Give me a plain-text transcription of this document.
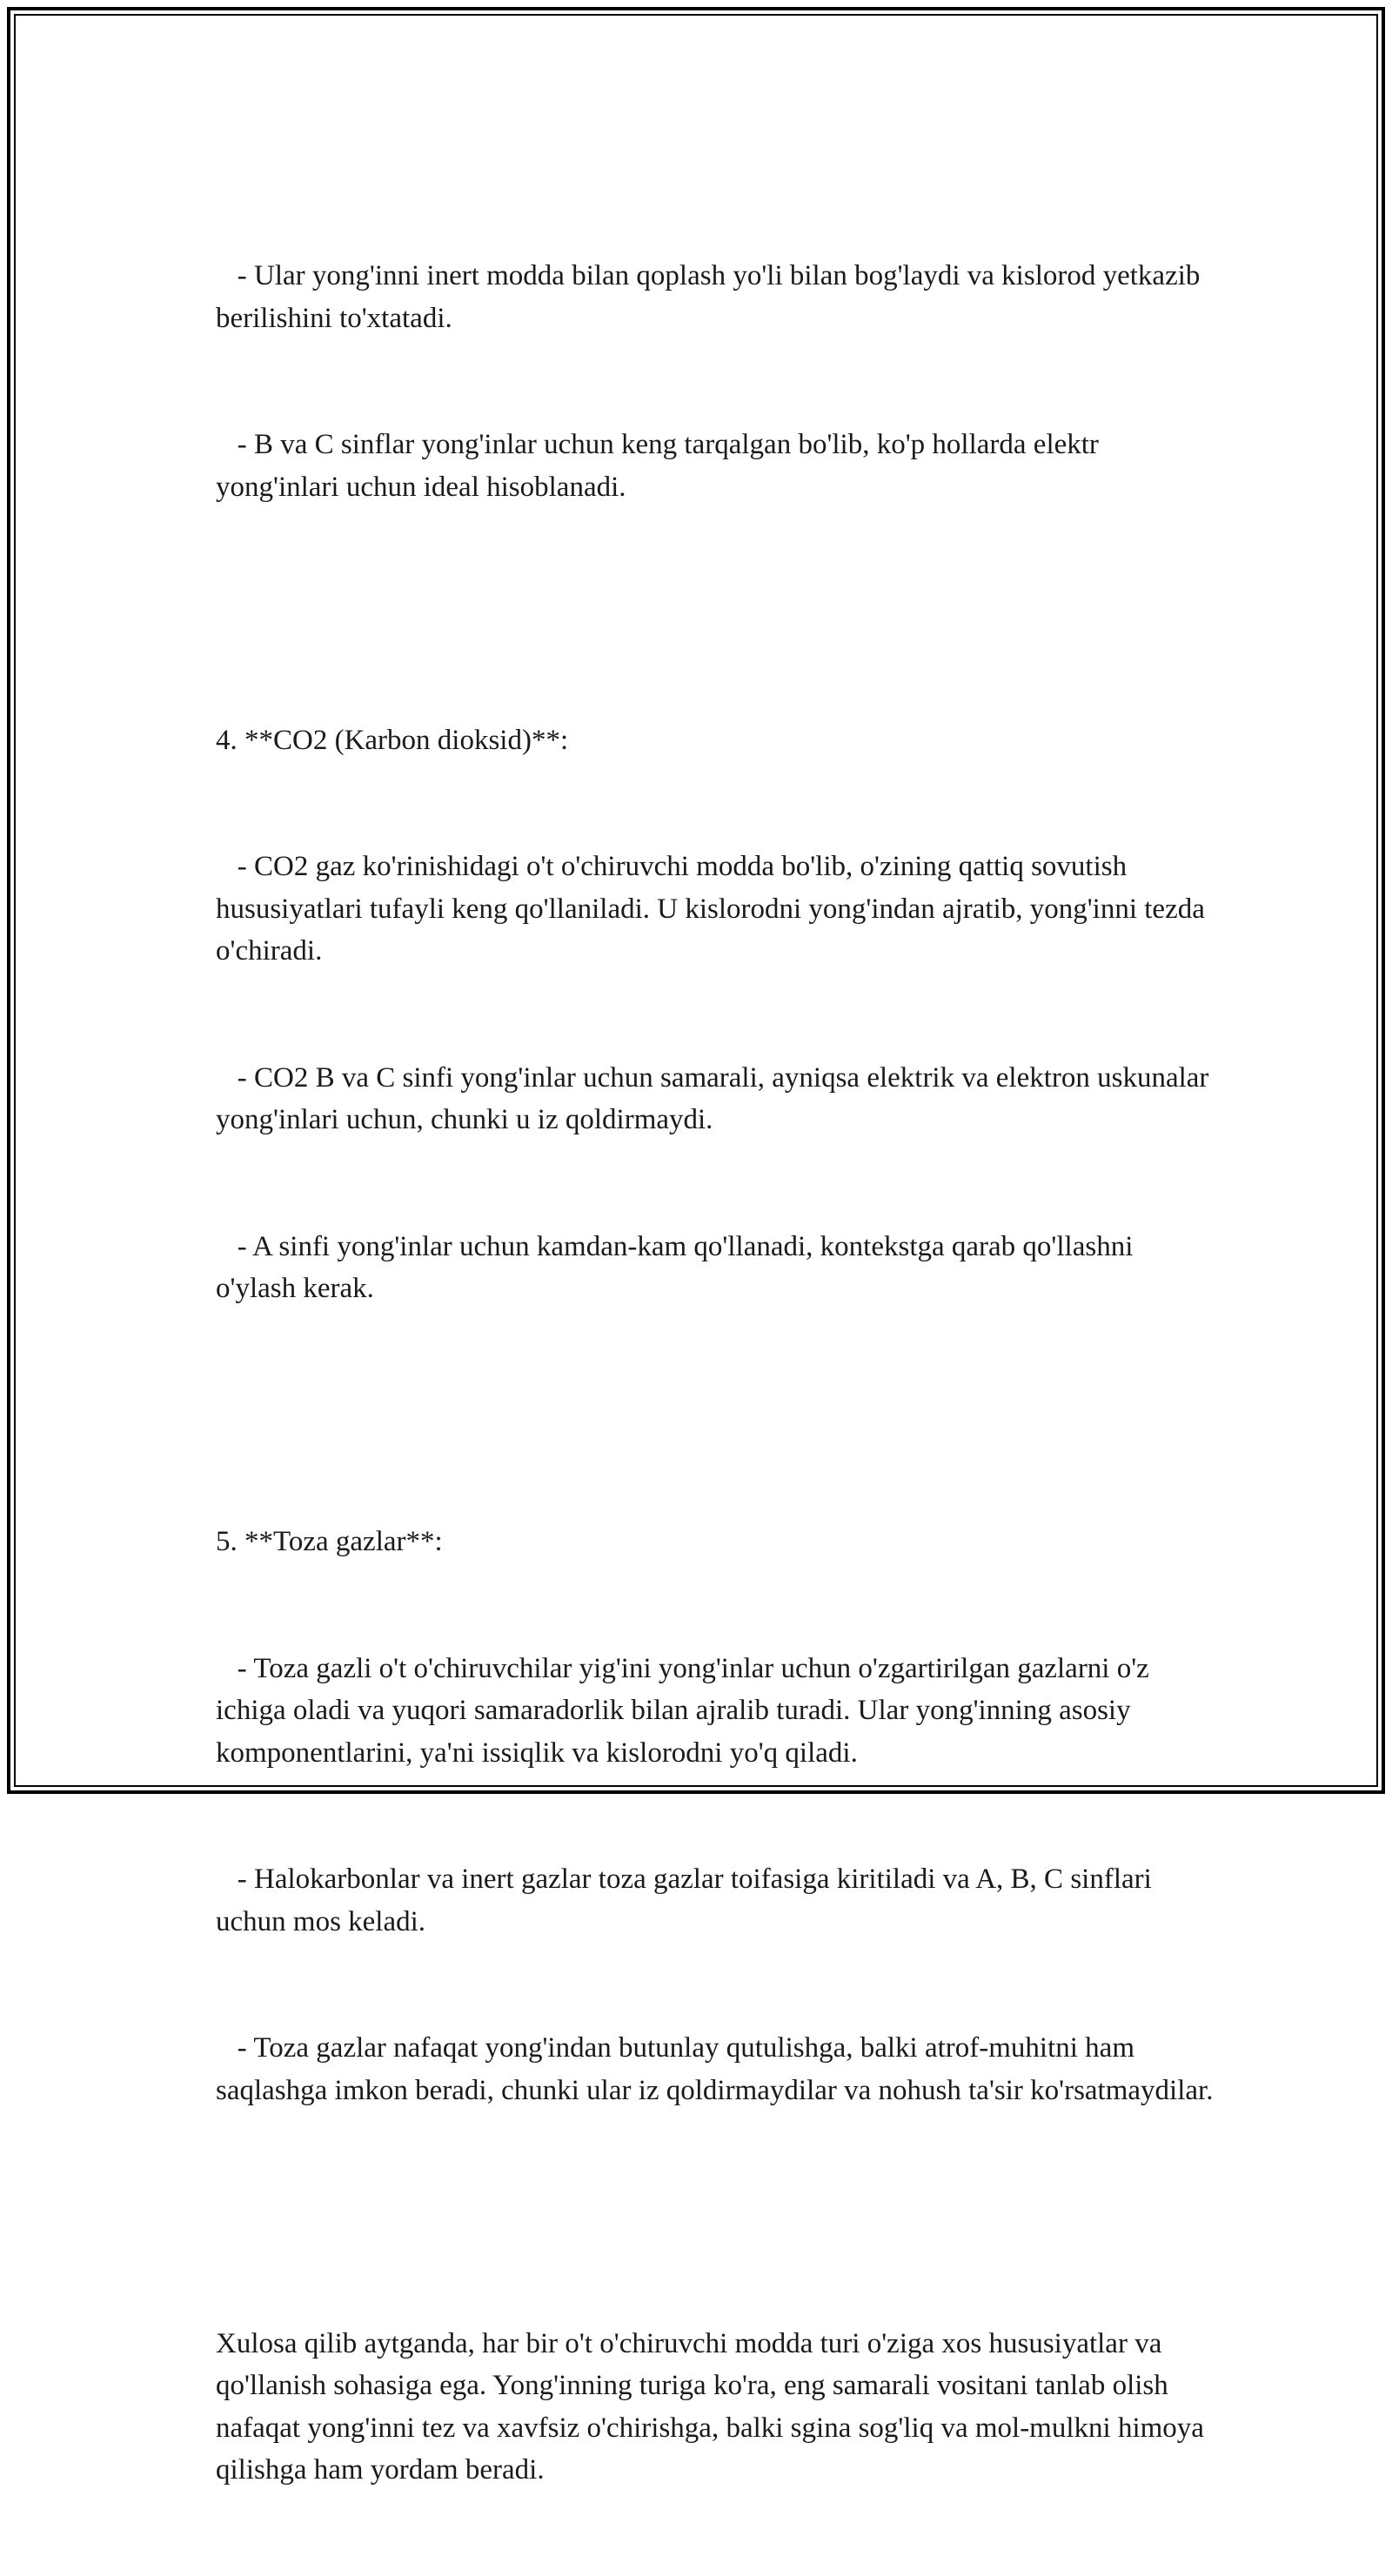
- Ular yong'inni inert modda bilan qoplash yo'li bilan bog'laydi va kislorod yetkazib berilishini to'xtatadi.

- B va C sinflar yong'inlar uchun keng tarqalgan bo'lib, ko'p hollarda elektr yong'inlari uchun ideal hisoblanadi.

4. **CO2 (Karbon dioksid)**:

- CO2 gaz ko'rinishidagi o't o'chiruvchi modda bo'lib, o'zining qattiq sovutish hususiyatlari tufayli keng qo'llaniladi. U kislorodni yong'indan ajratib, yong'inni tezda o'chiradi.

- CO2 B va C sinfi yong'inlar uchun samarali, ayniqsa elektrik va elektron uskunalar yong'inlari uchun, chunki u iz qoldirmaydi.

- A sinfi yong'inlar uchun kamdan-kam qo'llanadi, kontekstga qarab qo'llashni o'ylash kerak.

5. **Toza gazlar**:

- Toza gazli o't o'chiruvchilar yig'ini yong'inlar uchun o'zgartirilgan gazlarni o'z ichiga oladi va yuqori samaradorlik bilan ajralib turadi. Ular yong'inning asosiy komponentlarini, ya'ni issiqlik va kislorodni yo'q qiladi.

- Halokarbonlar va inert gazlar toza gazlar toifasiga kiritiladi va A, B, C sinflari uchun mos keladi.

- Toza gazlar nafaqat yong'indan butunlay qutulishga, balki atrof-muhitni ham saqlashga imkon beradi, chunki ular iz qoldirmaydilar va nohush ta'sir ko'rsatmaydilar.

Xulosa qilib aytganda, har bir o't o'chiruvchi modda turi o'ziga xos hususiyatlar va qo'llanish sohasiga ega. Yong'inning turiga ko'ra, eng samarali vositani tanlab olish nafaqat yong'inni tez va xavfsiz o'chirishga, balki sgina sog'liq va mol-mulkni himoya qilishga ham yordam beradi.
